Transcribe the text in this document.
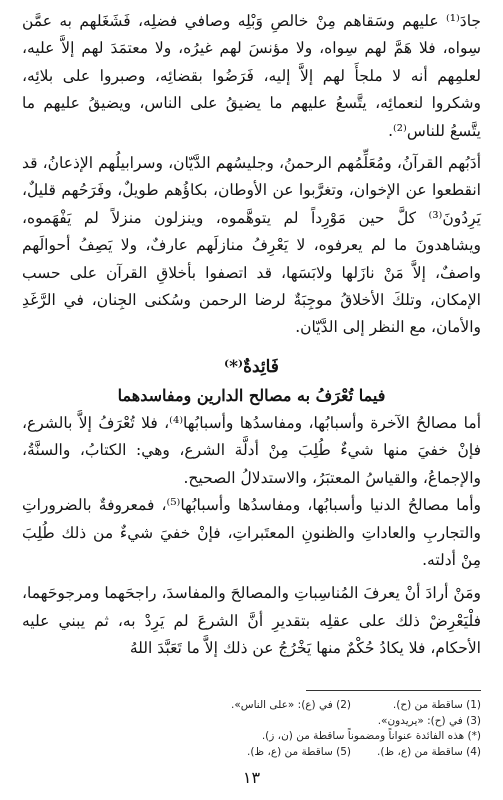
جادَ⁽¹⁾ عليهم وسَقاهم مِنْ خالصِ وَبْلِه وصافي فضلِه، فَشَغَلهم به عمَّن سِواه، فلا هَمَّ لهم سِواه، ولا مؤنسَ لهم غيرُه، ولا معتمَدَ لهم إلاَّ عليه، لعلمِهم أنه لا ملجأَ لهم إلاَّ إليه، فَرَضُوا بقضائِه، وصبروا على بلائِه، وشكروا لنعمائِه، يتَّسعُ عليهم ما يضيقُ على الناس، ويضيقُ عليهم ما يتَّسعُ للناس⁽²⁾.

أدَبُهم القرآنُ، ومُعَلِّمُهم الرحمنُ، وجليسُهم الدَّيّان، وسرابيلُهم الإذعانُ، قد انقطعوا عن الإخوان، وتغرَّبوا عن الأوطان، بكاؤُهم طويلٌ، وفَرَحُهم قليلٌ، يَرِدُونَ⁽³⁾ كلَّ حين مَوْرِداً لم يتوهَّموه، وينزلون منزلاً لم يَفْهَموه، ويشاهدونَ ما لم يعرفوه، لا يَعْرِفُ منازلَهم عارفٌ، ولا يَصِفُ أحوالَهم واصفٌ، إلاَّ مَنْ نازَلها ولابَسَها، قد اتصفوا بأخلاقِ القرآن على حسب الإمكان، وتلكَ الأخلاقُ موجِبَةٌ لرضا الرحمن وسُكنى الجِنان، في الرَّغَدِ والأمان، مع النظر إلى الدَّيّان.

فَائِدةٌ⁽*⁾

فيما تُعْرَفُ به مصالح الدارين ومفاسدهما

أما مصالحُ الآخرة وأسبابُها، ومفاسدُها وأسبابُها⁽⁴⁾، فلا تُعْرَفُ إلاَّ بالشرع، فإنْ خفيَ منها شيءٌ طُلِبَ مِنْ أدلَّة الشرع، وهي: الكتابُ، والسنَّةُ، والإجماعُ، والقياسُ المعتبَرُ، والاستدلالُ الصحيح.

وأما مصالحُ الدنيا وأسبابُها، ومفاسدُها وأسبابُها⁽⁵⁾، فمعروفةٌ بالضروراتِ والتجاربِ والعاداتِ والظنونِ المعتَبراتِ، فإنْ خفيَ شيءٌ من ذلك طُلِبَ مِنْ أدلته.

ومَنْ أرادَ أنْ يعرفَ المُناسِباتِ والمصالحَ والمفاسدَ، راجحَهما ومرجوحَهما، فلْيَعْرِضْ ذلك على عقلِه بتقديرِ أنَّ الشرعَ لم يَرِدْ به، ثم يبني عليه الأحكام، فلا يكادُ حُكْمٌ منها يَخْرُجُ عن ذلك إلاَّ ما تَعَبَّدَ اللهُ

(1) ساقطة من (ح).
(2) في (ع): «على الناس».
(3) في (ح): «يريدون».
(*) هذه الفائدة عنواناً ومضموناً ساقطة من (ن، ز).
(4) ساقطة من (ع، ظ).
(5) ساقطة من (ع، ظ).
١٣
